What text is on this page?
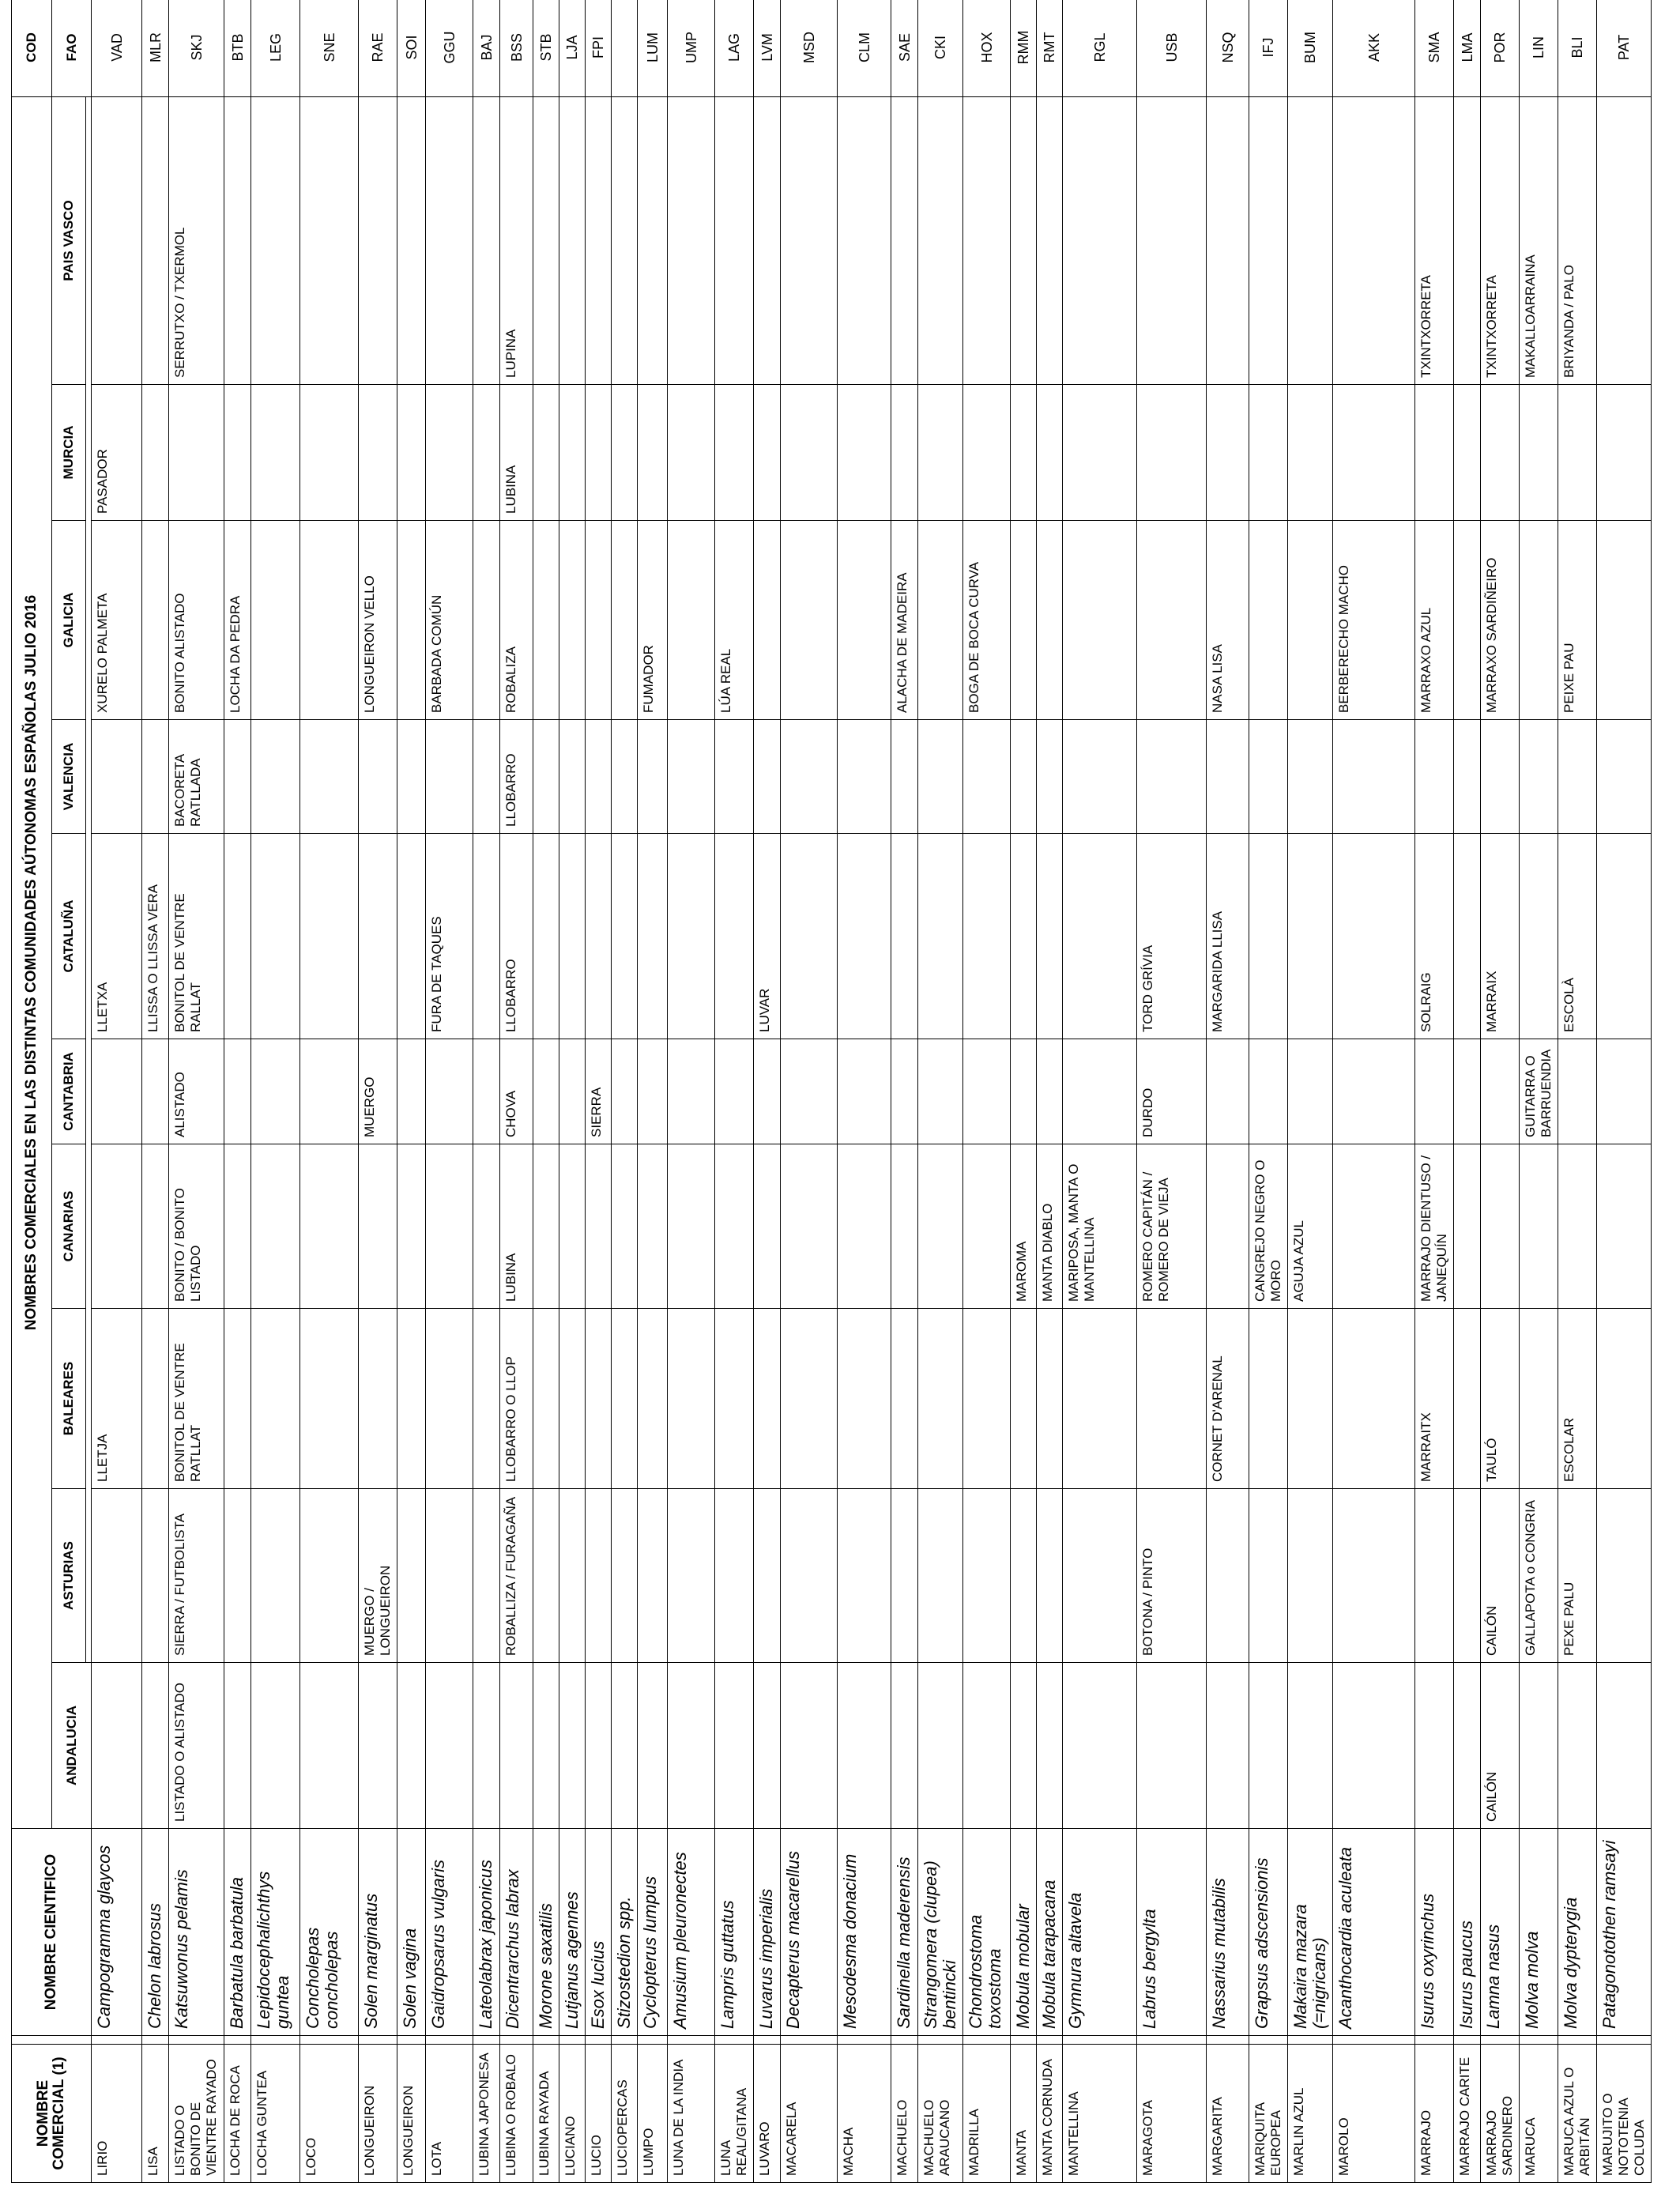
NOMBRE COMERCIAL (1)		NOMBRE CIENTIFICO	NOMBRES COMERCIALES EN LAS DISTINTAS COMUNIDADES AÚTONOMAS ESPAÑOLAS JULIO 2016										COD
			ANDALUCIA	ASTURIAS	BALEARES	CANARIAS	CANTABRIA	CATALUÑA	VALENCIA	GALICIA	MURCIA	PAIS VASCO	FAO

LIRIO		Campogramma glaycos			LLETJA			LLETXA		XURELO PALMETA	PASADOR		VAD
LISA		Chelon labrosus						LLISSA O LLISSA VERA					MLR
LISTADO O BONITO DE VIENTRE RAYADO		Katsuwonus pelamis	LISTADO O ALISTADO	SIERRA / FUTBOLISTA	BONITOL DE VENTRE RATLLAT	BONITO / BONITO LISTADO	ALISTADO	BONITOL DE VENTRE RALLAT	BACORETA RATLLADA	BONITO ALISTADO		SERRUTXO / TXERMOL	SKJ
LOCHA DE ROCA		Barbatula barbatula								LOCHA DA PEDRA			BTB
LOCHA GUNTEA		Lepidocephalichthys guntea											LEG
LOCO		Concholepas concholepas											SNE
LONGUEIRON		Solen marginatus		MUERGO / LONGUEIRON			MUERGO			LONGUEIRON VELLO			RAE
LONGUEIRON		Solen vagina											SOI
LOTA		Gaidropsarus vulgaris						FURA DE TAQUES		BARBADA COMÚN			GGU
LUBINA JAPONESA		Lateolabrax japonicus											BAJ
LUBINA O ROBALO		Dicentrarchus labrax		ROBALLIZA / FURAGAÑA	LLOBARRO O LLOP	LUBINA	CHOVA	LLOBARRO	LLOBARRO	ROBALIZA	LUBINA	LUPINA	BSS
LUBINA RAYADA		Morone saxatilis											STB
LUCIANO		Lutjanus agennes											LJA
LUCIO		Esox lucius					SIERRA						FPI
LUCIOPERCAS		Stizostedion spp.											
LUMPO		Cyclopterus lumpus								FUMADOR			LUM
LUNA DE LA INDIA		Amusium pleuronectes											UMP
LUNA REAL/GITANA		Lampris guttatus								LÚA REAL			LAG
LUVARO		Luvarus imperialis						LUVAR					LVM
MACARELA		Decapterus macarellus											MSD
MACHA		Mesodesma donacium											CLM
MACHUELO		Sardinella maderensis								ALACHA DE MADEIRA			SAE
MACHUELO ARAUCANO		Strangomera (clupea) bentincki											CKI
MADRILLA		Chondrostoma toxostoma								BOGA DE BOCA CURVA			HOX
MANTA		Mobula mobular				MAROMA							RMM
MANTA CORNUDA		Mobula tarapacana				MANTA DIABLO							RMT
MANTELLINA		Gymnura altavela				MARIPOSA, MANTA O MANTELLINA							RGL
MARAGOTA		Labrus bergylta		BOTONA / PINTO		ROMERO CAPITÁN / ROMERO DE VIEJA	DURDO	TORD GRÍVIA					USB
MARGARITA		Nassarius mutabilis			CORNET D'ARENAL			MARGARIDA LLISA		NASA LISA			NSQ
MARIQUITA EUROPEA		Grapsus adscensionis				CANGREJO NEGRO O MORO							IFJ
MARLIN AZUL		Makaira mazara (=nigricans)				AGUJA AZUL							BUM
MAROLO		Acanthocardia aculeata								BERBERECHO MACHO			AKK
MARRAJO		Isurus oxyrinchus			MARRAITX	MARRAJO DIENTUSO / JANEQUÍN		SOLRAIG		MARRAXO AZUL		TXINTXORRETA	SMA
MARRAJO CARITE		Isurus paucus											LMA
MARRAJO SARDINERO		Lamna nasus	CAILÓN	CAILÓN	TAULÓ			MARRAIX		MARRAXO SARDIÑEIRO		TXINTXORRETA	POR
MARUCA		Molva molva		GALLAPOTA o CONGRIA			GUITARRA O BARRUENDIA					MAKALLOARRAINA	LIN
MARUCA AZUL O ARBITÁN		Molva dypterygia		PEXE PALU	ESCOLAR			ESCOLÀ		PEIXE PAU		BRIYANDA / PALO	BLI
MARUJITO O NOTOTENIA COLUDA		Patagonotothen ramsayi											PAT
